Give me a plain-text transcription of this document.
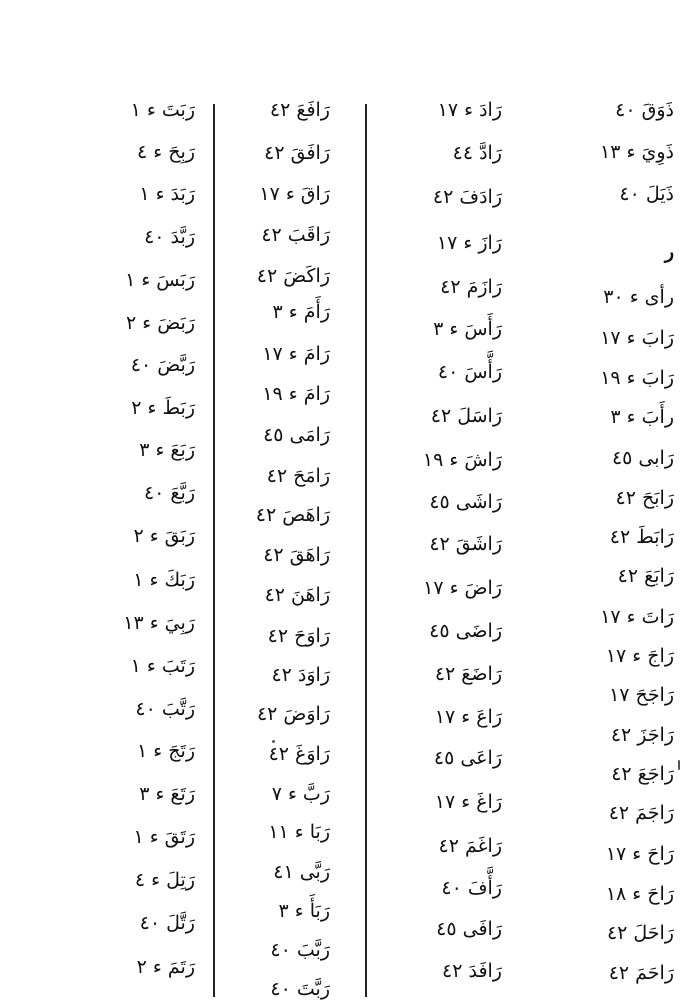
ذَوَقَ ٤٠
ذَوِيَ ء ١٣
ذَيَلَ ٤٠
ر
رأى ء ٣٠
رَابَ ء ١٧
رَابَ ء ١٩
رأَبَ ء ٣
رَابى ٤٥
رَابَحَ ٤٢
رَابَطَ ٤٢
رَابَعَ ٤٢
رَاتَ ء ١٧
رَاجَ ء ١٧
رَاجَحَ ١٧
رَاجَزَ ٤٢
رَاجَعَ ٤٢
رَاجَمَ ٤٢
رَاحَ ء ١٧
رَاحَ ء ١٨
رَاحَلَ ٤٢
رَاحَمَ ٤٢
رَادَ ء ١٧
رَادَّ ٤٤
رَادَفَ ٤٢
رَازَ ء ١٧
رَازَمَ ٤٢
رَأَسَ ء ٣
رَأَّسَ ٤٠
رَاسَلَ ٤٢
رَاشَ ء ١٩
رَاشَى ٤٥
رَاشَقَ ٤٢
رَاضَ ء ١٧
رَاضَى ٤٥
رَاضَعَ ٤٢
رَاعَ ء ١٧
رَاعَى ٤٥
رَاغَ ء ١٧
رَاغَمَ ٤٢
رَأَّفَ ٤٠
رَافَى ٤٥
رَافَدَ ٤٢
رَافَعَ ٤٢
رَافَقَ ٤٢
رَاقَ ء ١٧
رَاقَبَ ٤٢
رَاكَضَ ٤٢
رَأَمَ ء ٣
رَامَ ء ١٧
رَامَ ء ١٩
رَامَى ٤٥
رَامَحَ ٤٢
رَاهَصَ ٤٢
رَاهَقَ ٤٢
رَاهَنَ ٤٢
رَاوَحَ ٤٢
رَاوَدَ ٤٢
رَاوَضَ ٤٢
رَاوَغَ ٤٢
رَبَّ ء ٧
رَبَا ء ١١
رَبَّى ٤١
رَبَأَ ء ٣
رَبَّبَ ٤٠
رَبَّتَ ٤٠
رَبَتَ ء ١
رَبِحَ ء ٤
رَبَدَ ء ١
رَبَّدَ ٤٠
رَبَسَ ء ١
رَبَضَ ء ٢
رَبَّضَ ٤٠
رَبَطَ ء ٢
رَبَعَ ء ٣
رَبَّعَ ٤٠
رَبَقَ ء ٢
رَبَكَ ء ١
رَبِيَ ء ١٣
رَتَبَ ء ١
رَتَّبَ ٤٠
رَتَجَ ء ١
رَتَعَ ء ٣
رَتَقَ ء ١
رَتِلَ ء ٤
رَتَّلَ ٤٠
رَتَمَ ء ٢
